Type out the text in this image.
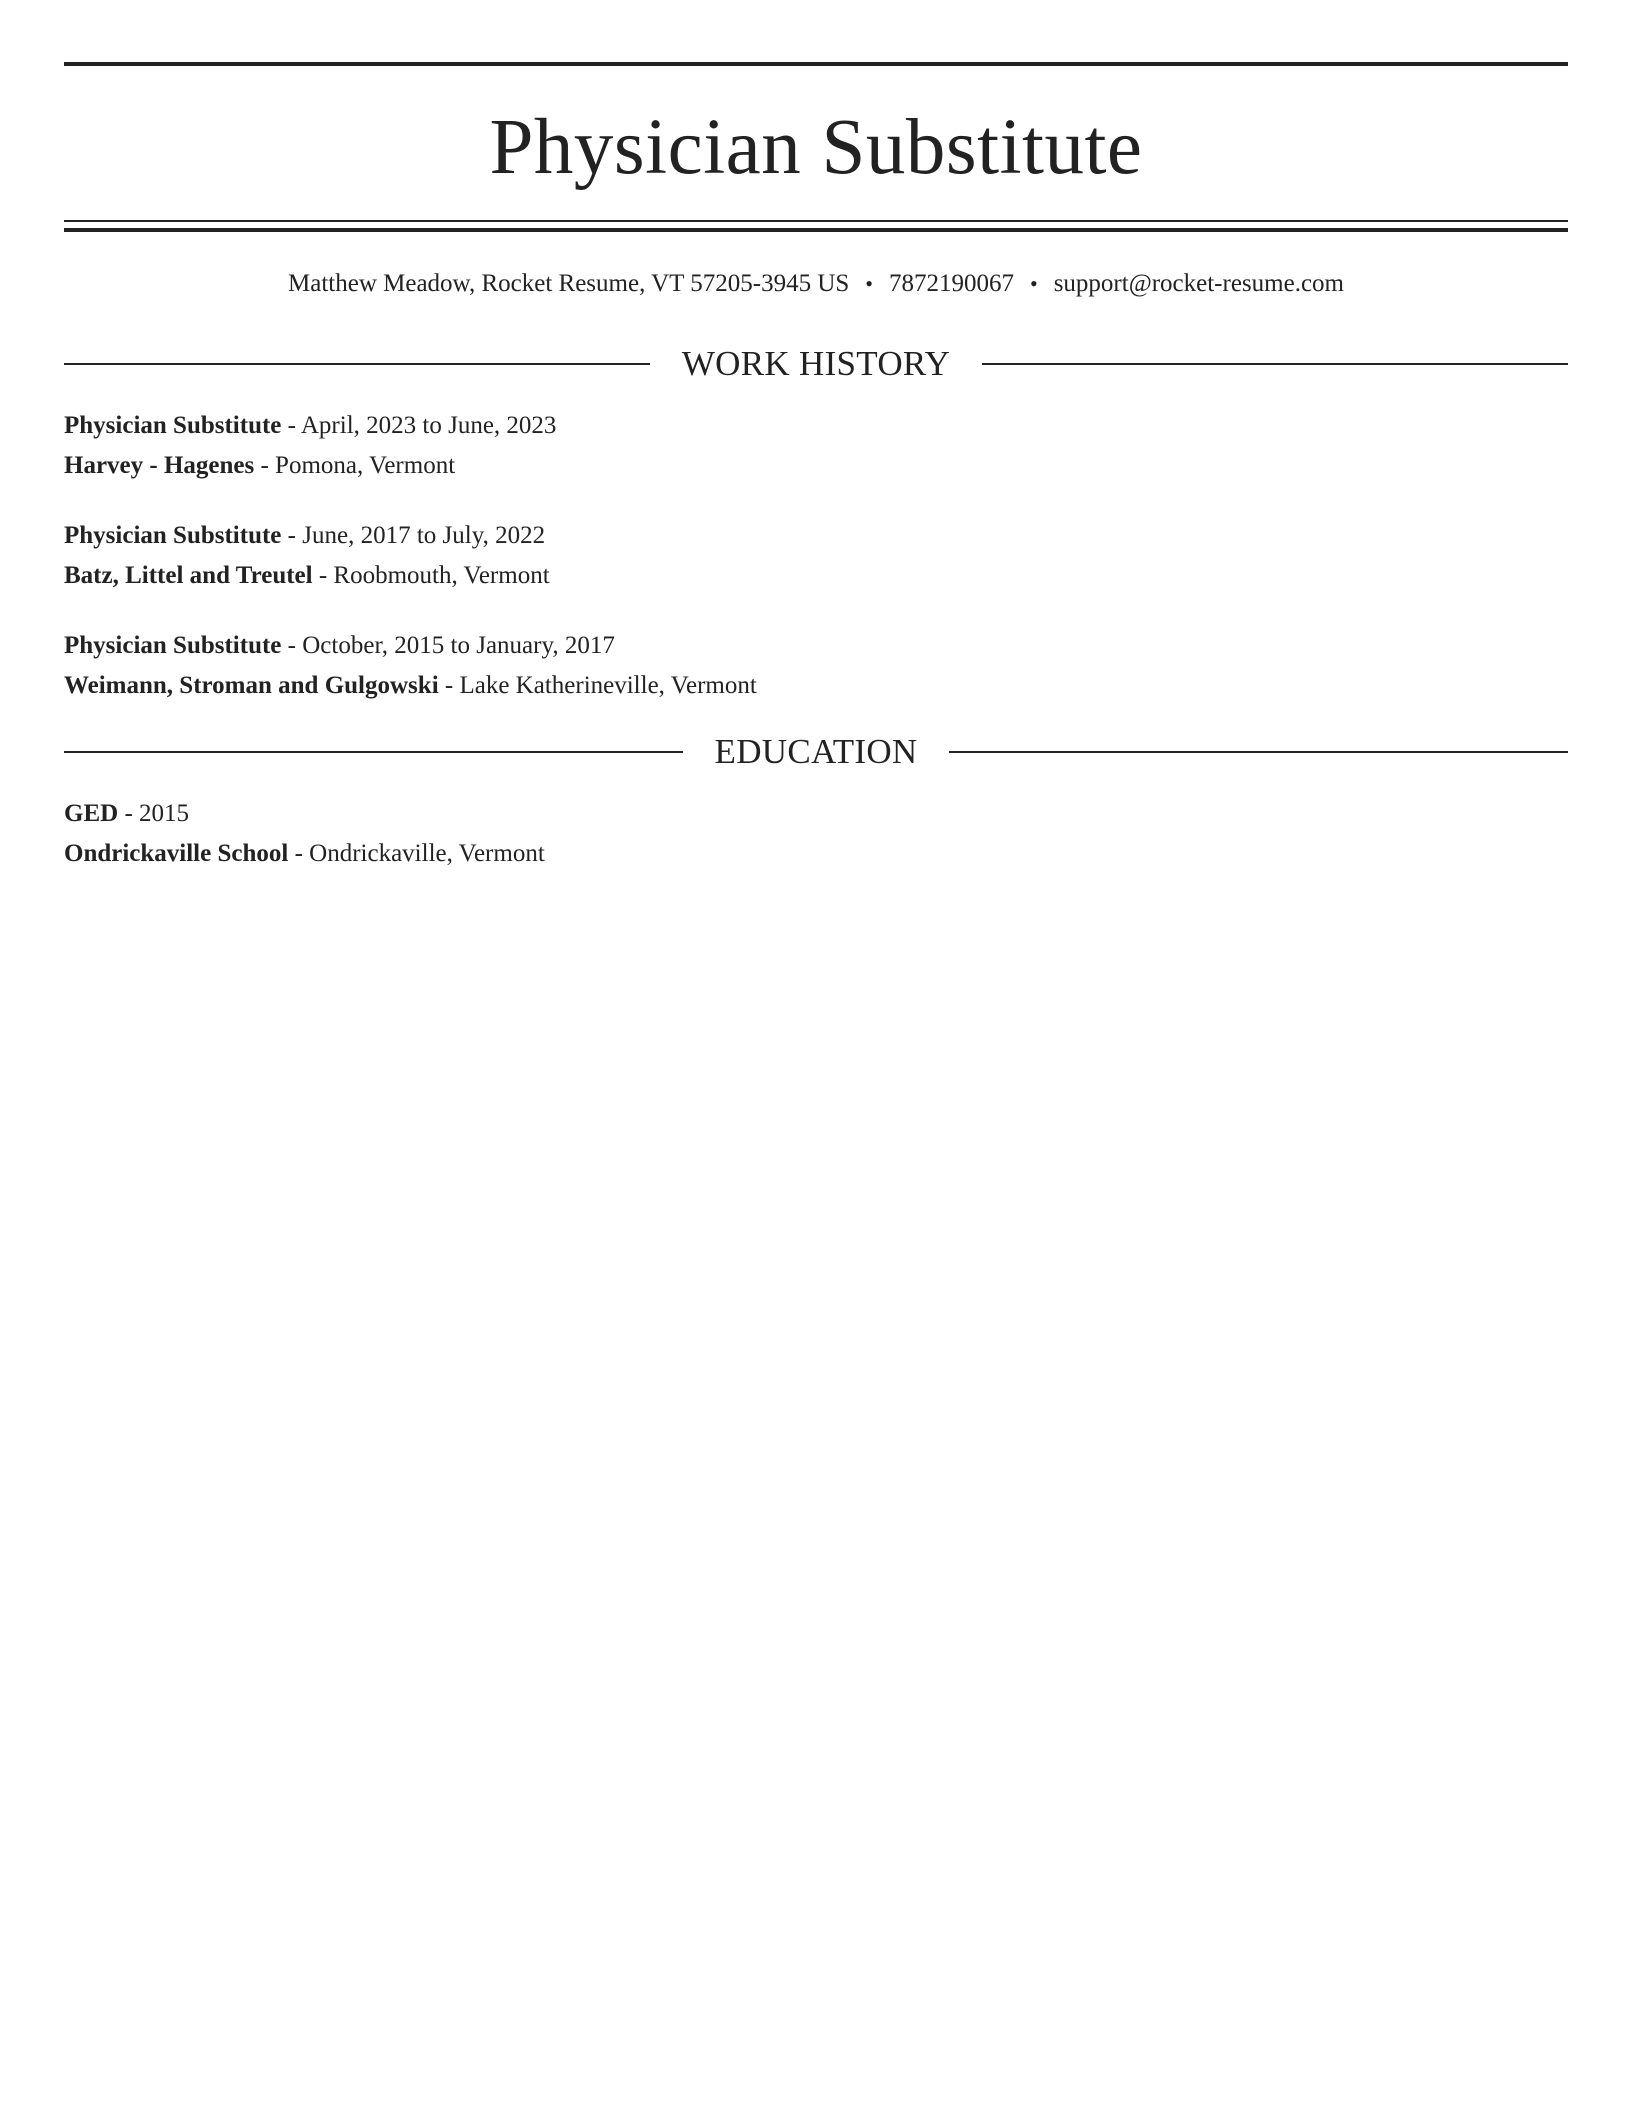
Physician Substitute
Matthew Meadow, Rocket Resume, VT 57205-3945 US • 7872190067 • support@rocket-resume.com
WORK HISTORY
Physician Substitute - April, 2023 to June, 2023
Harvey - Hagenes - Pomona, Vermont
Physician Substitute - June, 2017 to July, 2022
Batz, Littel and Treutel - Roobmouth, Vermont
Physician Substitute - October, 2015 to January, 2017
Weimann, Stroman and Gulgowski - Lake Katherineville, Vermont
EDUCATION
GED - 2015
Ondrickaville School - Ondrickaville, Vermont
